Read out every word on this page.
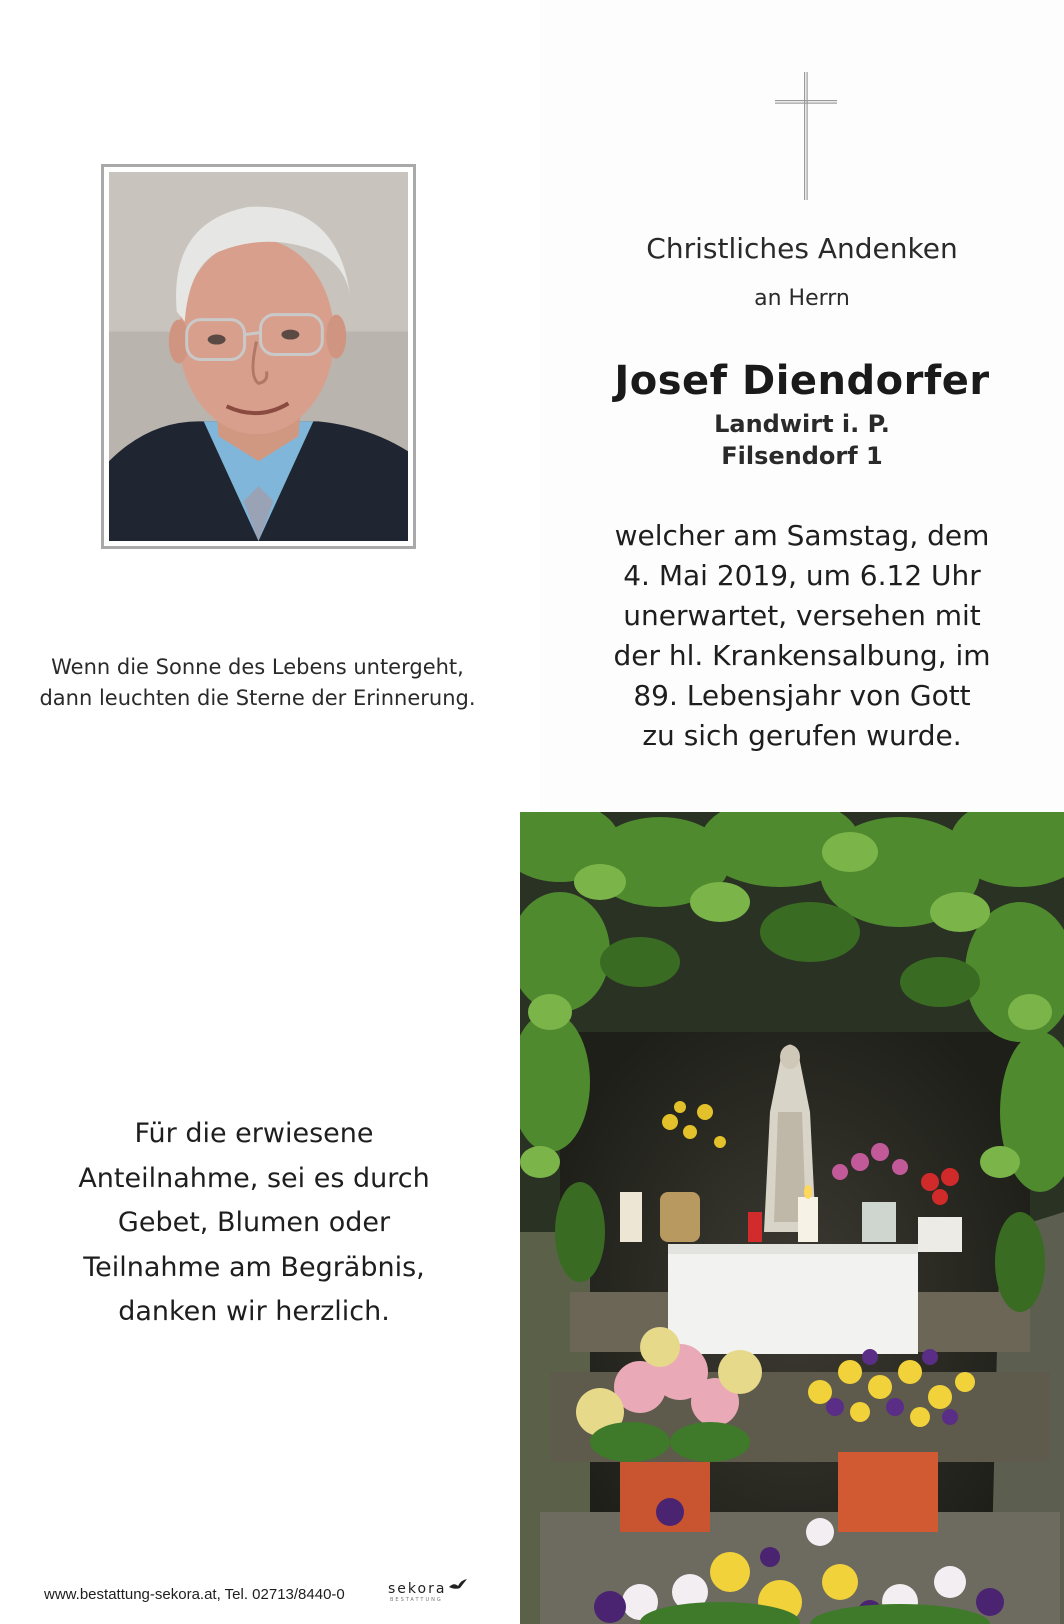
Wenn die Sonne des Lebens untergeht,
dann leuchten die Sterne der Erinnerung.
Christliches Andenken
an Herrn
Josef Diendorfer
Landwirt i. P.
Filsendorf 1
welcher am Samstag, dem
4. Mai 2019, um 6.12 Uhr
unerwartet, versehen mit
der hl. Krankensalbung, im
89. Lebensjahr von Gott
zu sich gerufen wurde.
Für die erwiesene
Anteilnahme, sei es durch
Gebet, Blumen oder
Teilnahme am Begräbnis,
danken wir herzlich.
www.bestattung-sekora.at, Tel. 02713/8440-0	sekora
BESTATTUNG
